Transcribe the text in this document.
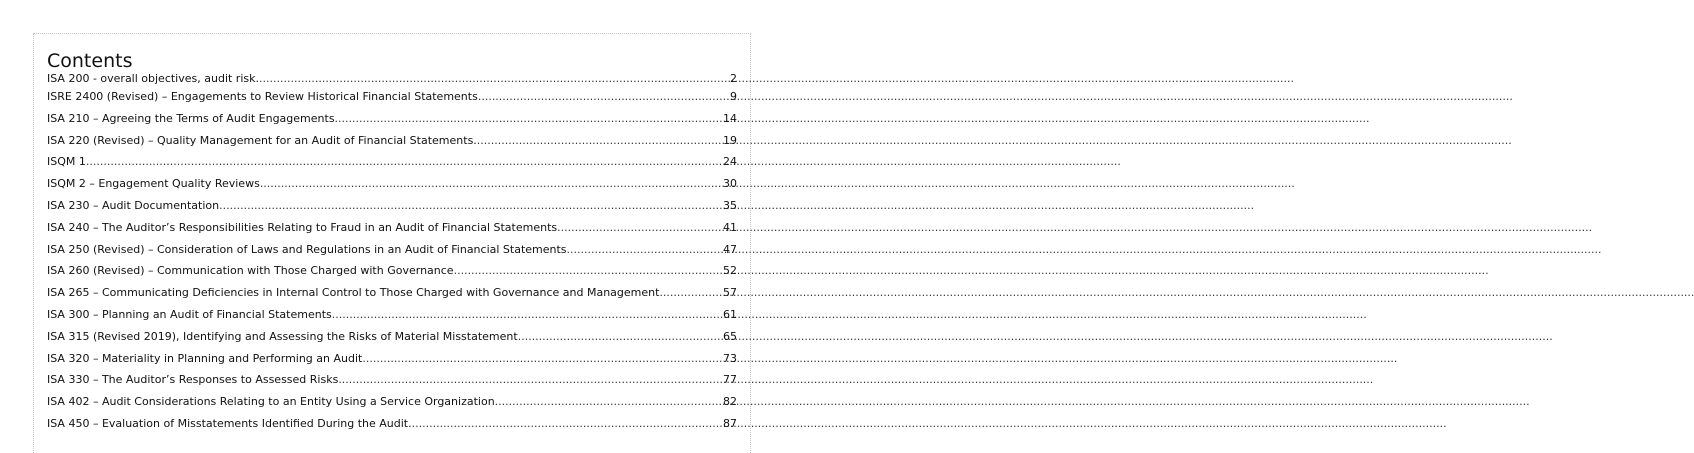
Contents
ISA 200 - overall objectives, audit risk. .....	2
ISRE 2400 (Revised) – Engagements to Review Historical Financial Statements .....	9
ISA 210 – Agreeing the Terms of Audit Engagements .....	14
ISA 220 (Revised) – Quality Management for an Audit of Financial Statements. .....	19
ISQM 1 .....	24
ISQM 2 – Engagement Quality Reviews .....	30
ISA 230 – Audit Documentation .....	35
ISA 240 – The Auditor’s Responsibilities Relating to Fraud in an Audit of Financial Statements .....	41
ISA 250 (Revised) – Consideration of Laws and Regulations in an Audit of Financial Statements .....	47
ISA 260 (Revised) – Communication with Those Charged with Governance .....	52
ISA 265 – Communicating Deficiencies in Internal Control to Those Charged with Governance and Management .....	57
ISA 300 – Planning an Audit of Financial Statements .....	61
ISA 315 (Revised 2019), Identifying and Assessing the Risks of Material Misstatement .....	65
ISA 320 – Materiality in Planning and Performing an Audit .....	73
ISA 330 – The Auditor’s Responses to Assessed Risks .....	77
ISA 402 – Audit Considerations Relating to an Entity Using a Service Organization .....	82
ISA 450 – Evaluation of Misstatements Identified During the Audit. .....	87
